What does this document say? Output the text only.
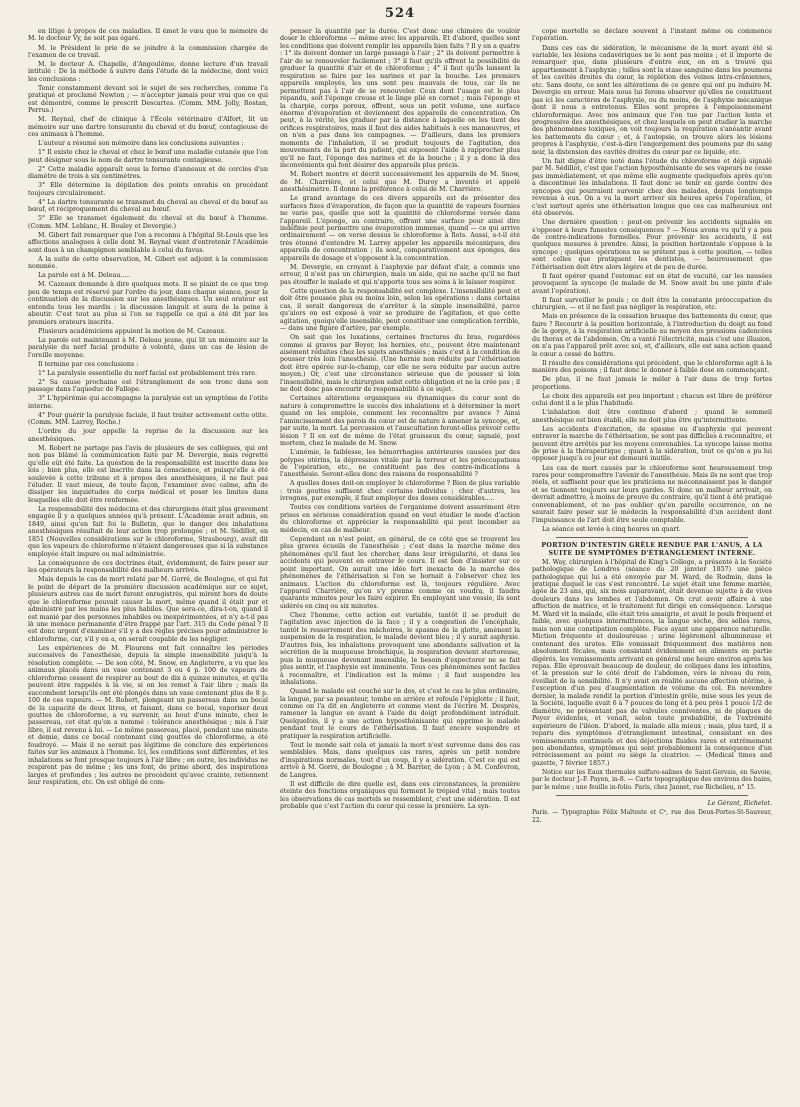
524

en litige à propos de ces maladies. Il émet le vœu que le mémoire de M. le docteur Vy, ne soit pas égaré.

M. le Président le prie de se joindre à la commission chargée de l'examen de ce travail.

M. le docteur A. Chapelle, d'Angoulême, donne lecture d'un travail intitulé : De la méthode à suivre dans l'étude de la médecine, dont voici les conclusions :

Tenir constamment devant soi le sujet de ses recherches, comme l'a pratiqué et proclamé Newton ; — n'accepter jamais pour vrai que ce qui est démontré, comme le prescrit Descartes. (Comm. MM. Jolly, Rostan, Perrus.)

M. Reynal, chef de clinique à l'École vétérinaire d'Alfort, lit un mémoire sur une dartre tonsurante du cheval et du bœuf, contagieuse de ces animaux à l'homme.

L'auteur a résumé son mémoire dans les conclusions suivantes :

1° Il existe chez le cheval et chez le bœuf une maladie cutanée que l'on peut désigner sous le nom de dartre tonsurante contagieuse.

2° Cette maladie apparaît sous la forme d'anneaux et de cercles d'un diamètre de trois à six centimètres.

3° Elle détermine la dépilation des points envahis en procédant toujours circulairement.

4° La dartre tonsurante se transmet du cheval au cheval et du bœuf au bœuf, et réciproquement du cheval au bœuf.

5° Elle se transmet également du cheval et du bœuf à l'homme. (Comm. MM. Leblanc, H. Bouley et Devergie.)

M. Gibert fait remarquer que l'on a reconnu à l'hôpital St-Louis que les affections analogues à celle dont M. Reynal vient d'entretenir l'Académie sont dues à un champignon semblable à celui du favus.

A la suite de cette observation, M. Gibert est adjoint à la commission nommée.

La parole est à M. Deleau.....

M. Cazeaux demande à dire quelques mots. Il se plaint de ce que trop peu de temps est réservé par l'ordre du jour, dans chaque séance, pour la continuation de la discussion sur les anesthésiques. Un seul orateur est entendu tous les mardis ; la discussion languit et aura de la peine à aboutir. C'est tout au plus si l'on se rappelle ce qui a été dit par les premiers orateurs inscrits.

Plusieurs académiciens appuient la motion de M. Cazeaux.

La parole est maintenant à M. Deleau jeune, qui lit un mémoire sur la paralysie du nerf facial produite à volonté, dans un cas de lésion de l'oreille moyenne.

Il termine par ces conclusions :

1° La paralysie essentielle du nerf facial est probablement très rare.

2° Sa cause prochaine est l'étranglement de son tronc dans son passage dans l'aqueduc de Fallope.

3° L'hypérémie qui accompagne la paralysie est un symptôme de l'otite interne.

4° Pour guérir la paralysie faciale, il faut traiter activement cette otite. (Comm. MM. Larrey, Roche.)

L'ordre du jour appelle la reprise de la discussion sur les anesthésiques.

M. Robert ne partage pas l'avis de plusieurs de ses collègues, qui ont non pas blâmé la communication faite par M. Devergie, mais regretté qu'elle eût été faite. La question de la responsabilité est inscrite dans les lois ; bien plus, elle est inscrite dans la conscience, et puisqu'elle a été soulevée à cette tribune et à propos des anesthésiques, il ne faut pas l'éluder. Il vaut mieux, de toute façon, l'examiner avec calme, afin de dissiper les inquiétudes du corps médical et poser les limites dans lesquelles elle doit être renfermée.

La responsabilité des médecins et des chirurgiens était plus gravement engagée il y a quelques années qu'à présent. L'Académie avait admis, en 1849, ainsi qu'en fait foi le Bulletin, que le danger des inhalations anesthésiques résultait de leur action trop prolongée ; et M. Sédillot, en 1851 (Nouvelles considérations sur le chloroforme, Strasbourg), avait dit que les vapeurs de chloroforme n'étaient dangereuses que si la substance employée était impure ou mal administrée.

La conséquence de ces doctrines était, évidemment, de faire peser sur les opérateurs la responsabilité des malheurs arrivés.

Mais depuis le cas de mort relaté par M. Gorré, de Boulogne, et qui fut le point de départ de la première discussion académique sur ce sujet, plusieurs autres cas de mort furent enregistrés, qui mirent hors de doute que le chloroforme pouvait causer la mort, même quand il était pur et administré par les mains les plus habiles. Que sera-ce, dira-t-on, quand il est manié par des personnes inhabiles ou inexpérimentées, et n'y a-t-il pas là une menace permanente d'être frappé par l'art. 315 du Code pénal ? Il est donc urgent d'examiner s'il y a des règles précises pour administrer le chloroforme, car, s'il y en a, on serait coupable de les négliger.

Les expériences de M. Flourens ont fait connaître les périodes successives de l'anesthésie, depuis la simple insensibilité jusqu'à la résolution complète. — De son côté, M. Snow, en Angleterre, a vu que les animaux placés dans un vase contenant 3 ou 4 p. 100 de vapeurs de chloroforme cessent de respirer au bout de dix à quinze minutes, et qu'ils peuvent être rappelés à la vie, si on les remet à l'air libre ; mais ils succombent lorsqu'ils ont été plongés dans un vase contenant plus de 8 p. 100 de ces vapeurs. — M. Robert, plongeant un passereau dans un bocal de la capacité de deux litres, et faisant, dans ce bocal, vaporiser deux gouttes de chloroforme, a vu survenir, au bout d'une minute, chez le passereau, cet état qu'on a nommé : tolérance anesthésique ; mis à l'air libre, il est revenu à lui. — Le même passereau, placé, pendant une minute et demie, dans ce bocal contenant cinq gouttes de chloroforme, a été foudroyé. — Mais il ne serait pas légitime de conclure des expériences faites sur les animaux à l'homme. Ici, les conditions sont différentes, et les inhalations se font presque toujours à l'air libre ; en outre, les individus ne respirent pas de même ; les uns font, de prime abord, des inspirations larges et profondes ; les autres ne procèdent qu'avec crainte, retiennent leur respiration, etc. On est obligé de com-

penser la quantité par la durée. C'est donc une chimère de vouloir doser le chloroforme — même avec les appareils. Et d'abord, quelles sont les conditions que doivent remplir les appareils bien faits ? Il y en a quatre : 1° ils doivent donner un large passage à l'air ; 2° ils doivent permettre à l'air de se renouveler facilement ; 3° il faut qu'ils offrent la possibilité de graduer la quantité d'air et de chloroforme ; 4° il faut qu'ils laissent la respiration se faire par les narines et par la bouche. Les premiers appareils employés, les uns sont peu mauvais de tous, car ils ne permettent pas à l'air de se renouveler. Ceux dont l'usage est le plus répandu, soit l'éponge creuse et le linge plié en cornet ; mais l'éponge et la charpie, corps poreux, offrent, sous un petit volume, une surface énorme d'évaporation et deviennent des appareils de concentration. On peut, à la vérité, les graduer par la distance à laquelle on les tient des orifices respiratoires, mais il faut des aides habitués à ces manœuvres, et on n'en a pas dans les campagnes. — D'ailleurs, dans les premiers moments de l'inhalation, il se produit toujours de l'agitation, des mouvements de la part du patient, qui exposent l'aide à rapprocher plus qu'il ne faut, l'éponge des narines et de la bouche ; il y a donc là des inconvénients qui font désirer des appareils plus précis.

M. Robert montre et décrit successivement les appareils de M. Snow, de M. Charrière, et celui que M. Duroy a inventé et appelé anesthésimètre. Il donne la préférence à celui de M. Charrière.

Le grand avantage de ces divers appareils est de présenter des surfaces fixes d'évaporation, de façon que la quantité de vapeurs fournies ne varie pas, quelle que soit la quantité de chloroforme versée dans l'appareil. L'éponge, au contraire, offrant une surface pour ainsi dire indéfinie peut permettre une évaporation immense, quand — ce qui arrive ordinairement — on verse dessus le chloroforme à flots. Aussi, a-t-il été très étonné d'entendre M. Larrey appeler les appareils mécaniques, des appareils de concentration ; ils sont, comparativement aux éponges, des appareils de dosage et s'opposent à la concentration.

M. Devergie, en croyant à l'asphyxie par défaut d'air, a commis une erreur, il n'est pas un chirurgien, mais un aide, qui ne sache qu'il ne faut pas étouffer le malade et qui n'apporte tous ses soins à le laisser respirer.

Cette question de la responsabilité est complexe. L'insensibilité peut et doit être poussée plus ou moins loin, selon les opérations : dans certains cas, il serait dangereux de s'arrêter à la simple insensibilité, parce qu'alors on est exposé à voir se produire de l'agitation, et que cette agitation, quoiqu'elle insensible, peut constituer une complication terrible, — dans une figure d'artère, par exemple.

On sait que les luxations, certaines fractures du bras, regardées comme si graves par Boyer, les hernies, etc., peuvent être maintenant aisément réduites chez les sujets anesthésiés ; mais c'est à la condition de pousser très loin l'anesthésie. (Une hernie non réduite par l'éthérisation doit être opérée sur-le-champ, car elle ne sera réduite par aucun autre moyen.) Or, c'est une circonstance sérieuse que de pousser si loin l'insensibilité, mais le chirurgien subit cette obligation et ne la crée pas ; il ne doit donc pas encourir de responsabilité à ce sujet.

Certaines altérations organiques ou dynamiques du cœur sont de nature à compromettre le succès des inhalations et à déterminer la mort quand on les emploie, comment les reconnaître par avance ? Ainsi l'amincissement des parois du cœur est de nature à amener la syncope, et, par suite, la mort. La percussion et l'auscultation feront-elles prévoir cette lésion ? Il en est de même de l'état graisseux du cœur, signalé, post mortem, chez le malade de M. Snow.

L'anémie, la faiblesse, les hémorrhagies antérieures causées par des polypes utérins, la dépression vitale par la terreur et les préoccupations de l'opération, etc., ne constituent pas des contre-indications à l'anesthésie. Seront-elles donc des raisons de responsabilité ?

A quelles doses doit-on employer le chloroforme ? Bien de plus variable : trois gouttes suffisent chez certains individus ; chez d'autres, les ivrognes, par exemple, il faut employer des doses considérables.....

Toutes ces conditions variées de l'organisme doivent assurément être prises en sérieuse considération quand on veut étudier le mode d'action du chloroforme et apprécier la responsabilité qui peut incomber au médecin, en cas de malheur.

Cependant on n'est point, en général, de ce côté que se trouvent les plus graves écueils de l'anesthésie ; c'est dans la marche même des phénomènes qu'il faut les chercher, dans leur irrégularité, et dans les accidents qui peuvent en entraver le cours. Il est bon d'insister sur ce point important. On aurait une idée fort inexacte de la marche des phénomènes de l'éthérisation si l'on se bornait à l'observer chez les animaux. L'action du chloroforme est là, toujours régulière. Avec l'appareil Charrière, qu'on s'y prenne comme on voudra, il faudra quarante minutes pour les faire expirer. En employant une vessie, ils sont sidérés en cinq ou six minutes.

Chez l'homme, cette action est variable, tantôt il se produit de l'agitation avec injection de la face ; il y a congestion de l'encéphale, tantôt le resserrement des mâchoires, le spasme de la glotte, amènent la suspension de la respiration, le malade devient bleu ; il y aurait asphyxie. D'autres fois, les inhalations provoquent une abondante salivation et la sécrétion de la muqueuse bronchique, la respiration devient stertoreuse, puis la muqueuse devenant insensible, le besoin d'expectorer ne se fait plus sentir, et l'asphyxie est imminente. Tous ces phénomènes sont faciles à reconnaître, et l'indication est la même ; il faut suspendre les inhalations.

Quand le malade est couché sur le dos, et c'est le cas le plus ordinaire, la langue, par sa pesanteur, tombe en arrière et refoule l'épiglotte ; il faut, comme on l'a dit en Angleterre et comme vient de l'écrire M. Desprès, ramener la langue en avant à l'aide du doigt profondément introduit. Quelquefois, il y a une action hyposthénisante qui opprime le malade pendant tout le cours de l'éthérisation. Il faut encore suspendre et pratiquer la respiration artificielle.

Tout le monde sait cela et jamais la mort n'est survenue dans des cas semblables. Mais, dans quelques cas rares, après un petit nombre d'inspirations normales, tout d'un coup, il y a sidération. C'est ce qui est arrivé à M. Gorré, de Boulogne ; à M. Barrier, de Lyon ; à M. Confevron, de Langres.

Il est difficile de dire quelle est, dans ces circonstances, la première éteinte des fonctions organiques qui forment le trépied vital ; mais toutes les observations de cas mortels se ressemblent, c'est une sidération. Il est probable que c'est l'action du cœur qui cesse la première. La syn-

cope mortelle se déclare souvent à l'instant même où commence l'opération.

Dans ces cas de sidération, le mécanisme de la mort ayant été si variable, les lésions cadavériques ne le sont pas moins ; et il importe de remarquer que, dans plusieurs d'entre eux, on en a trouvé qui appartiennent à l'asphyxie ; telles sont la stase sanguine dans les poumons et les cavités droites du cœur, la réplétion des veines intra-crâniennes, etc. Sans doute, ce sont les altérations de ce genre qui ont pu induire M. Devergie en erreur. Mais nous lui ferons observer qu'elles ne constituent pas ici les caractères de l'asphyxie, ou du moins, de l'asphyxie mécanique dont il nous a entretenus. Elles sont propres à l'empoisonnement chloroformique. Avec nos animaux que l'on tue par l'action lente et progressive des anesthésiques, et chez lesquels on peut étudier la marche des phénomènes toxiques, on voit toujours la respiration s'anéantir avant les battements du cœur ; et, à l'autopsie, on trouve alors les lésions propres à l'asphyxie, c'est-à-dire l'engorgement des poumons par du sang noir, la distension des cavités droites du cœur par ce liquide, etc.

Un fait digne d'être noté dans l'étude du chloroforme et déjà signalé par M. Sédillot, c'est que l'action hyposthénisante de ses vapeurs ne cesse pas immédiatement, et que même elle augmente quelquefois après qu'on a discontinué les inhalations. Il faut donc se tenir en garde contre des syncopes qui pourraient survenir chez des malades, depuis longtemps revenus à eux. On a vu la mort arriver six heures après l'opération, et c'est surtout après une éthérisation longue que ces cas malheureux ont été observés.

Une dernière question : peut-on prévenir les accidents signalés en s'opposer à leurs funestes conséquences ? — Nous avons vu qu'il y a peu de contre-indications formelles. Pour prévenir les accidents, il est quelques mesures à prendre. Ainsi, la position horizontale s'oppose à la syncope ; quelques opérations ne se prêtent pas à cette position, — telles sont celles que pratiquent les dentistes, — heureusement que l'éthérisation doit être alors légère et de peu de durée.

Il faut opérer quand l'estomac est en état de vacuité, car les nausées provoquent la syncope (le malade de M. Snow avait bu une pinte d'ale avant l'opération).

Il faut surveiller le pouls ; ce doit être la constante préoccupation du chirurgien, — et il ne faut pas négliger la respiration, etc.

Mais en présence de la cessation brusque des battements du cœur, que faire ? Recourir à la position horizontale, à l'introduction du doigt au fond de la gorge, à la respiration artificielle au moyen des pressions cadencées du thorax et de l'abdomen. On a vanté l'électricité, mais c'est une illusion, on n'a pas l'appareil prêt avec soi, et, d'ailleurs, elle est sans action quand le cœur a cessé de battre.

Il résulte des considérations qui précèdent, que le chloroforme agit à la manière des poisons ; il faut donc le donner à faible dose en commençant.

De plus, il ne faut jamais le mêler à l'air dans de trop fortes proportions.

Le choix des appareils est peu important ; chacun est libre de préférer celui dont il a le plus l'habitude.

L'inhalation doit être continue d'abord ; quand le sommeil anesthésique est bien établi, elle ne doit plus être qu'intermittente.

Les accidents d'excitation, de spasme ou d'asphyxie qui peuvent entraver la marche de l'éthérisation, ne sont pas difficiles à reconnaître, et peuvent être arrêtés par les moyens convenables. La syncope laisse moins de prise à la thérapeutique ; quant à la sidération, tout ce qu'on a pu lui opposer jusqu'à ce jour est demeuré inutile.

Les cas de mort causés par le chloroforme sont heureusement trop rares pour compromettre l'avenir de l'anesthésie. Mais ils ne sont que trop réels, et suffisent pour que les praticiens ne méconnaissent pas le danger et se tiennent toujours sur leurs gardes. Si donc un malheur arrivait, on devrait admettre, à moins de preuve du contraire, qu'il tient à été pratiqué convenablement, et ne pas oublier qu'en pareille occurrence, on ne saurait faire peser sur le médecin la responsabilité d'un accident dont l'impuissance de l'art doit être seule comptable.

La séance est levée à cinq heures un quart.

PORTION D'INTESTIN GRÊLE RENDUE PAR L'ANUS, A LA SUITE DE SYMPTÔMES D'ÉTRANGLEMENT INTERNE.

M. Way, chirurgien à l'hôpital de King's College, a présenté à la Société pathologique de Londres (séance du 20 janvier 1857) une pièce pathologique qui lui a été envoyée par M. Ward, de Rodmin, dans la pratique duquel le cas s'est rencontré. Le sujet était une femme mariée, âgée de 23 ans, qui, six mois auparavant, était devenue sujette à de vives douleurs dans les lombes et l'abdomen. On crut avoir affaire à une affection de matrice, et le traitement fut dirigé en conséquence. Lorsque M. Ward vit la malade, elle était très amaigrie, et avait le pouls fréquent et faible, avec quelques intermittences, la langue sèche, des selles rares, mais non une constipation complète. Face ayant une apparence naturelle. Miction fréquente et douloureuse ; urine légèrement albumineuse et contenant des urates. Elle vomissait fréquemment des matières non absolument fécales, mais consistant évidemment en aliments en partie digérés, les vomissements arrivant en général une heure environ après les repas. Elle éprouvait beaucoup de douleur, de coliques dans les intestins, et la pression sur le côté droit de l'abdomen, vers le niveau du rein, éveillait de la sensibilité. Il n'y avait en réalité aucune affection utérine, à l'exception d'un peu d'augmentation de volume du col. En novembre dernier, la malade rendit la portion d'intestin grêle, mise sous les yeux de la Société, laquelle avait 6 à 7 pouces de long et à peu près 1 pouce 1/2 de diamètre, ne présentant pas de valvules conniventes, ni de plaques de Peyer évidentes, et venait, selon toute probabilité, de l'extrémité supérieure de l'iléon. D'abord, la malade alla mieux ; mais, plus tard, il a reparu des symptômes d'étranglement intestinal, consistant en des vomissements continuels et des déjections fluides rares et extrêmement peu abondantes, symptômes qui sont probablement la conséquence d'un rétrécissement au point ou siège la cicatrice. — (Medical times and gazette, 7 février 1857.)

Notice sur les Eaux thermales sulfuro-salines de Saint-Gervais, en Savoie, par le docteur J.-F. Payen, in-8. — Carte topographique des environs des bains, par le même ; une feuille in-folio. Paris, chez Jannet, rue Richelieu, n° 15.

Le Gérant, Richelot.

Paris. — Typographie Félix Malteste et Cᵉ, rue des Deux-Portes-St-Sauveur, 22.
